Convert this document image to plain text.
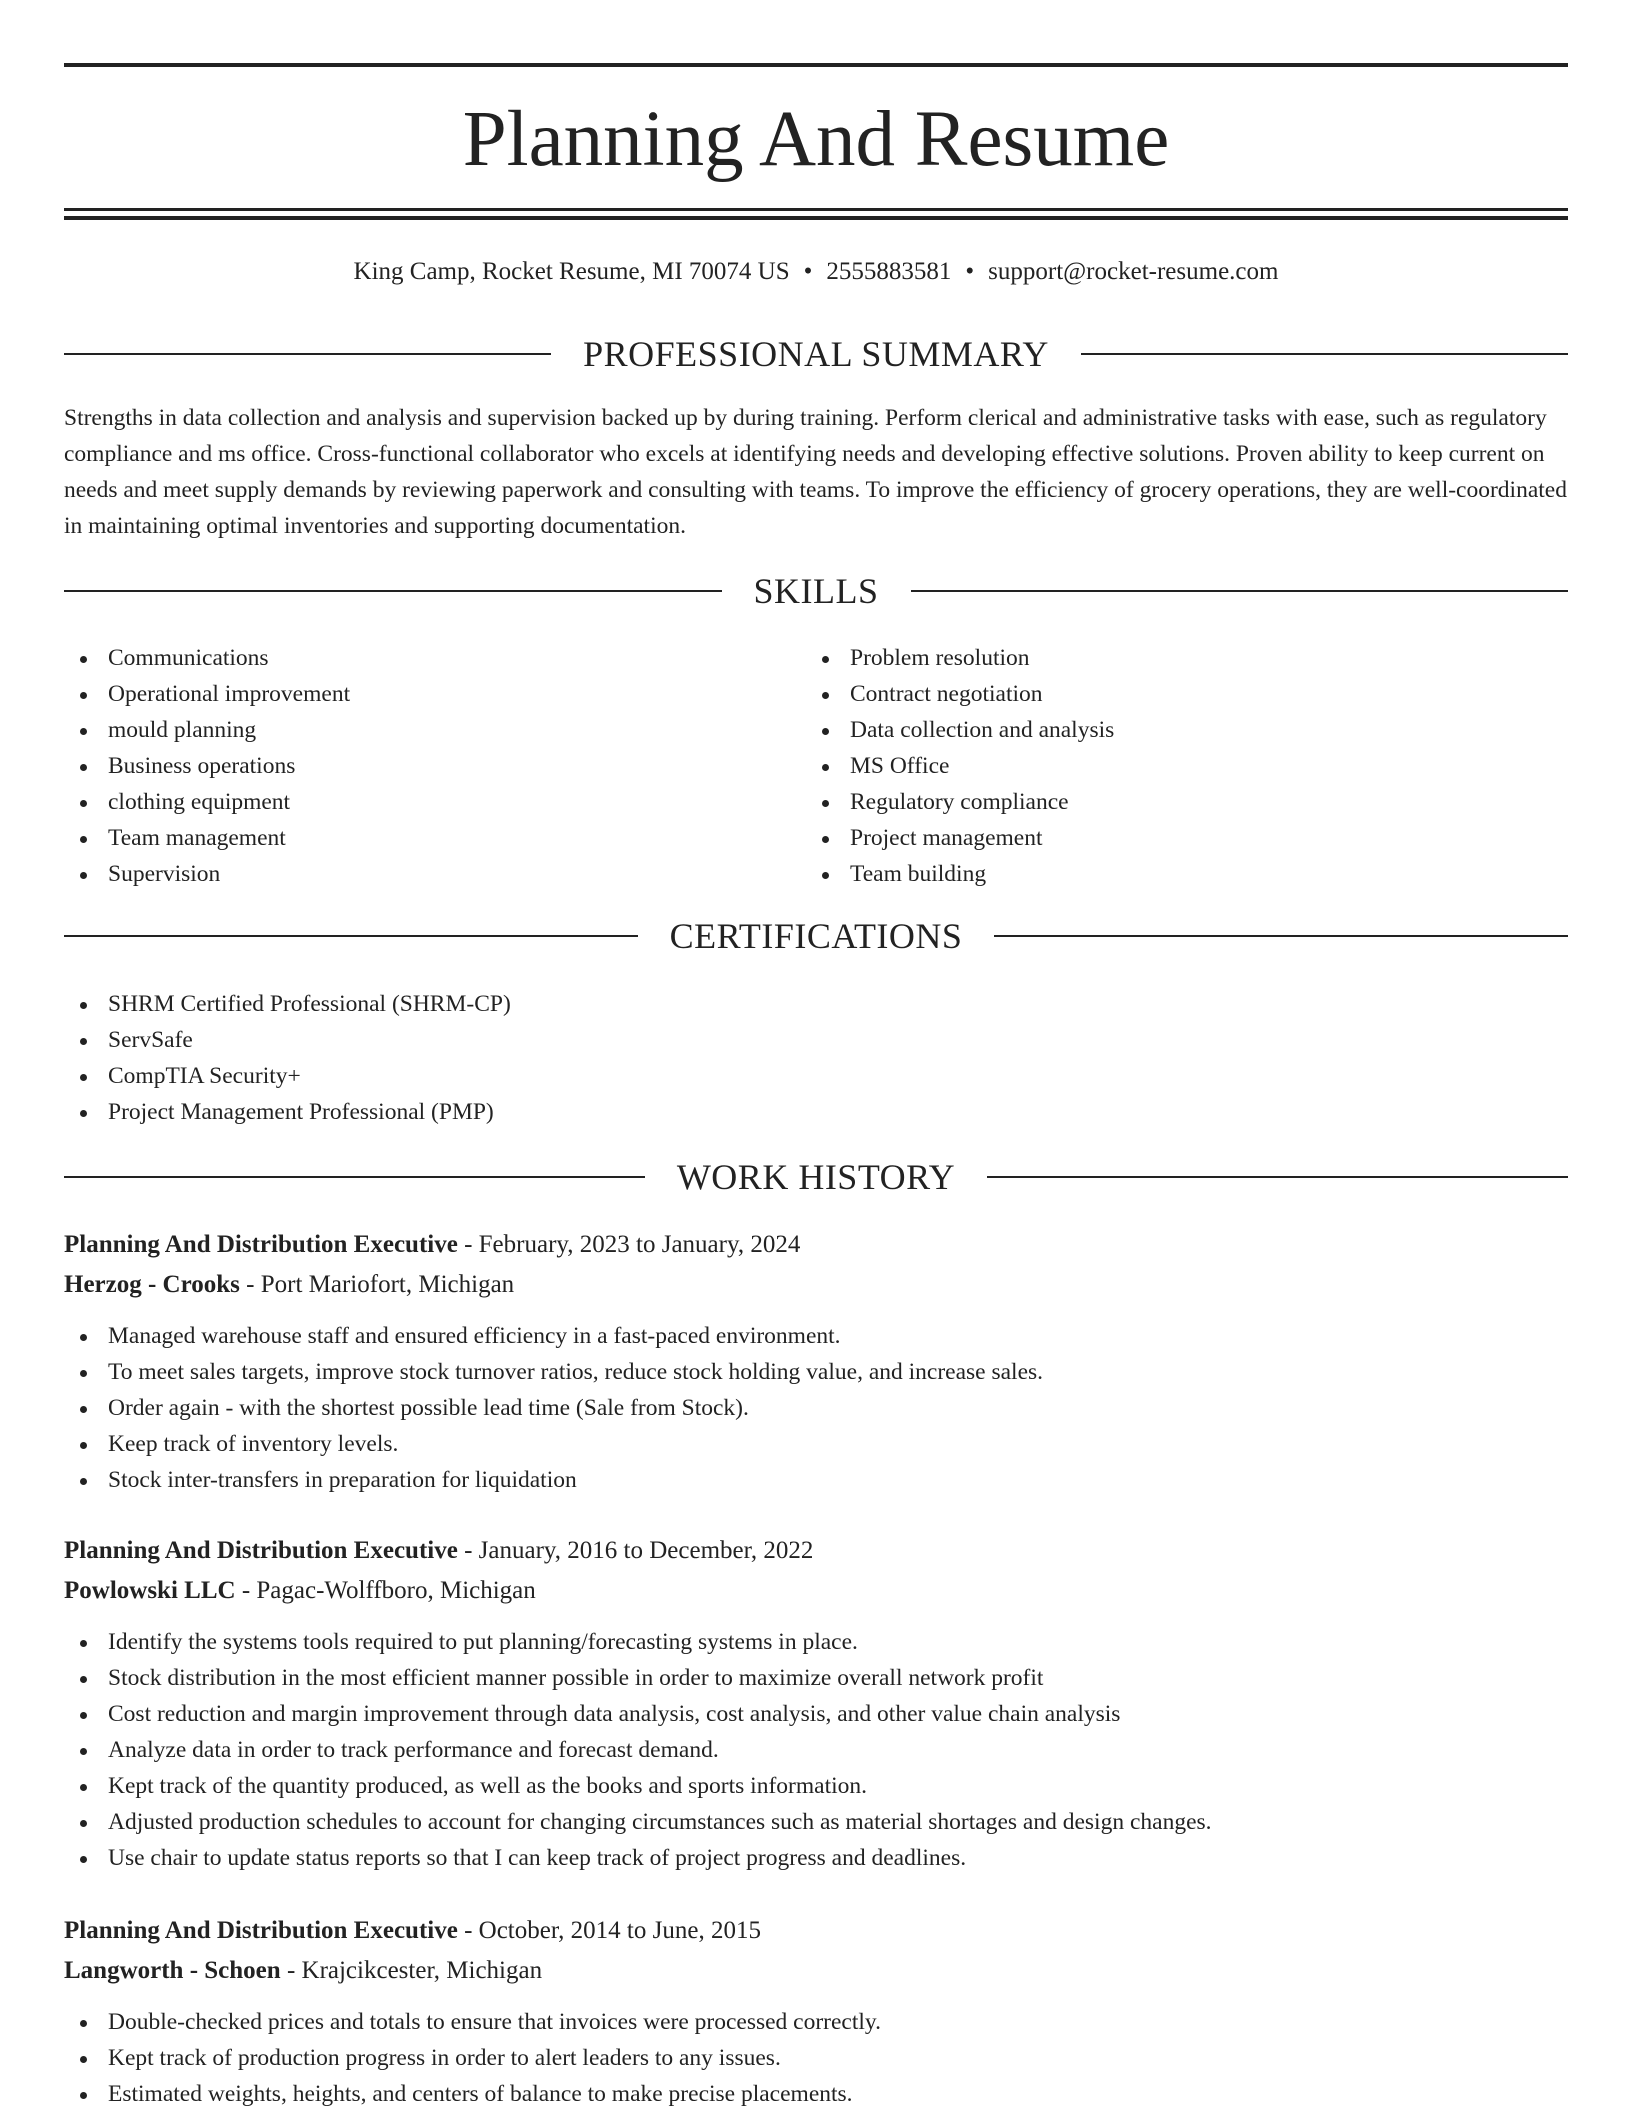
Planning And Resume
King Camp, Rocket Resume, MI 70074 US • 2555883581 • support@rocket-resume.com
PROFESSIONAL SUMMARY

Strengths in data collection and analysis and supervision backed up by during training. Perform clerical and administrative tasks with ease, such as regulatory compliance and ms office. Cross-functional collaborator who excels at identifying needs and developing effective solutions. Proven ability to keep current on needs and meet supply demands by reviewing paperwork and consulting with teams. To improve the efficiency of grocery operations, they are well-coordinated in maintaining optimal inventories and supporting documentation.

SKILLS
Communications
Operational improvement
mould planning
Business operations
clothing equipment
Team management
Supervision
Problem resolution
Contract negotiation
Data collection and analysis
MS Office
Regulatory compliance
Project management
Team building
CERTIFICATIONS
SHRM Certified Professional (SHRM-CP)
ServSafe
CompTIA Security+
Project Management Professional (PMP)
WORK HISTORY
Planning And Distribution Executive - February, 2023 to January, 2024
Herzog - Crooks - Port Mariofort, Michigan
Managed warehouse staff and ensured efficiency in a fast-paced environment.
To meet sales targets, improve stock turnover ratios, reduce stock holding value, and increase sales.
Order again - with the shortest possible lead time (Sale from Stock).
Keep track of inventory levels.
Stock inter-transfers in preparation for liquidation
Planning And Distribution Executive - January, 2016 to December, 2022
Powlowski LLC - Pagac-Wolffboro, Michigan
Identify the systems tools required to put planning/forecasting systems in place.
Stock distribution in the most efficient manner possible in order to maximize overall network profit
Cost reduction and margin improvement through data analysis, cost analysis, and other value chain analysis
Analyze data in order to track performance and forecast demand.
Kept track of the quantity produced, as well as the books and sports information.
Adjusted production schedules to account for changing circumstances such as material shortages and design changes.
Use chair to update status reports so that I can keep track of project progress and deadlines.
Planning And Distribution Executive - October, 2014 to June, 2015
Langworth - Schoen - Krajcikcester, Michigan
Double-checked prices and totals to ensure that invoices were processed correctly.
Kept track of production progress in order to alert leaders to any issues.
Estimated weights, heights, and centers of balance to make precise placements.
